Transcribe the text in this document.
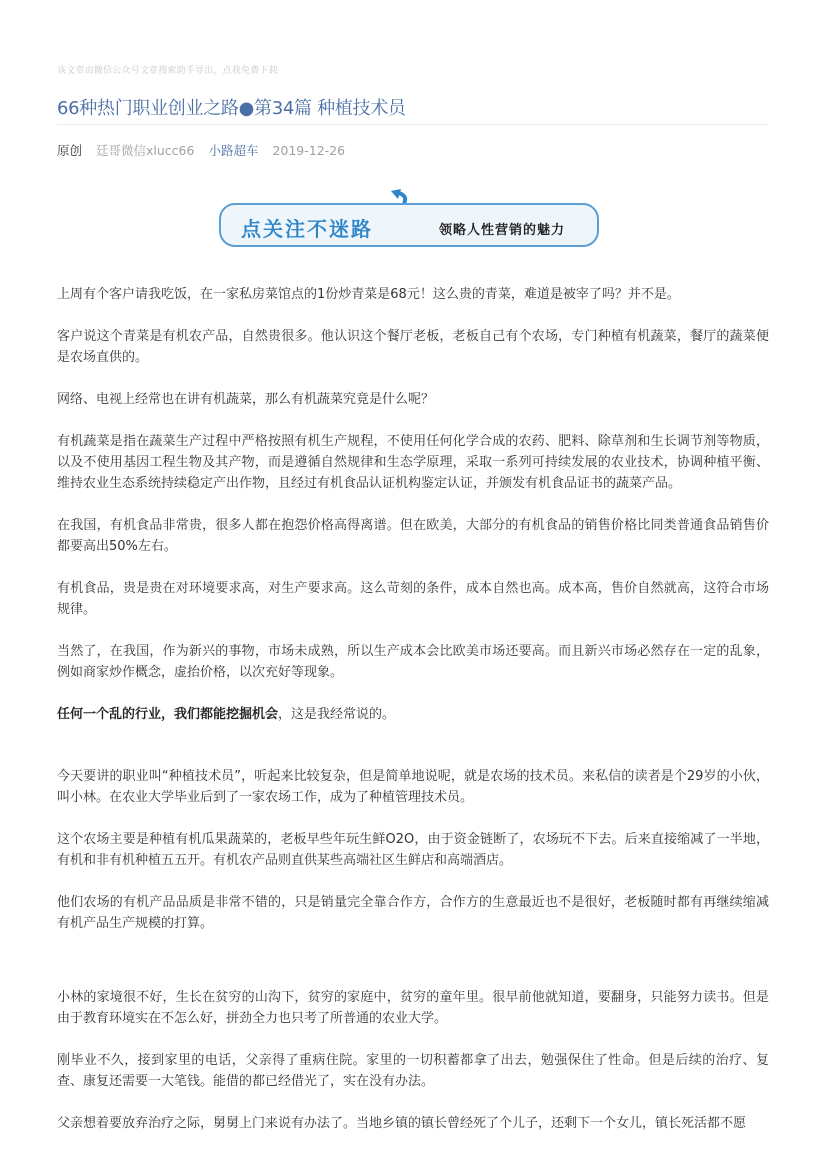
该文章由微信公众号文章搜索助手导出，点我免费下载
66种热门职业创业之路●第34篇 种植技术员
原创 廷哥微信xlucc66 小路超车 2019-12-26
点关注不迷路	领略人性营销的魅力

上周有个客户请我吃饭，在一家私房菜馆点的1份炒青菜是68元！这么贵的青菜，难道是被宰了吗？并不是。

客户说这个青菜是有机农产品，自然贵很多。他认识这个餐厅老板，老板自己有个农场，专门种植有机蔬菜，餐厅的蔬菜便是农场直供的。

网络、电视上经常也在讲有机蔬菜，那么有机蔬菜究竟是什么呢？

有机蔬菜是指在蔬菜生产过程中严格按照有机生产规程，不使用任何化学合成的农药、肥料、除草剂和生长调节剂等物质，以及不使用基因工程生物及其产物，而是遵循自然规律和生态学原理，采取一系列可持续发展的农业技术，协调种植平衡、维持农业生态系统持续稳定产出作物，且经过有机食品认证机构鉴定认证，并颁发有机食品证书的蔬菜产品。

在我国，有机食品非常贵，很多人都在抱怨价格高得离谱。但在欧美，大部分的有机食品的销售价格比同类普通食品销售价都要高出50%左右。

有机食品，贵是贵在对环境要求高，对生产要求高。这么苛刻的条件，成本自然也高。成本高，售价自然就高，这符合市场规律。

当然了，在我国，作为新兴的事物，市场未成熟，所以生产成本会比欧美市场还要高。而且新兴市场必然存在一定的乱象，例如商家炒作概念，虚抬价格，以次充好等现象。

任何一个乱的行业，我们都能挖掘机会，这是我经常说的。

今天要讲的职业叫“种植技术员”，听起来比较复杂，但是简单地说呢，就是农场的技术员。来私信的读者是个29岁的小伙，叫小林。在农业大学毕业后到了一家农场工作，成为了种植管理技术员。

这个农场主要是种植有机瓜果蔬菜的，老板早些年玩生鲜O2O，由于资金链断了，农场玩不下去。后来直接缩减了一半地，有机和非有机种植五五开。有机农产品则直供某些高端社区生鲜店和高端酒店。

他们农场的有机产品品质是非常不错的，只是销量完全靠合作方，合作方的生意最近也不是很好，老板随时都有再继续缩减有机产品生产规模的打算。

小林的家境很不好，生长在贫穷的山沟下，贫穷的家庭中，贫穷的童年里。很早前他就知道，要翻身，只能努力读书。但是由于教育环境实在不怎么好，拼劲全力也只考了所普通的农业大学。

刚毕业不久，接到家里的电话，父亲得了重病住院。家里的一切积蓄都拿了出去，勉强保住了性命。但是后续的治疗、复查、康复还需要一大笔钱。能借的都已经借光了，实在没有办法。

父亲想着要放弃治疗之际，舅舅上门来说有办法了。当地乡镇的镇长曾经死了个儿子，还剩下一个女儿，镇长死活都不愿
